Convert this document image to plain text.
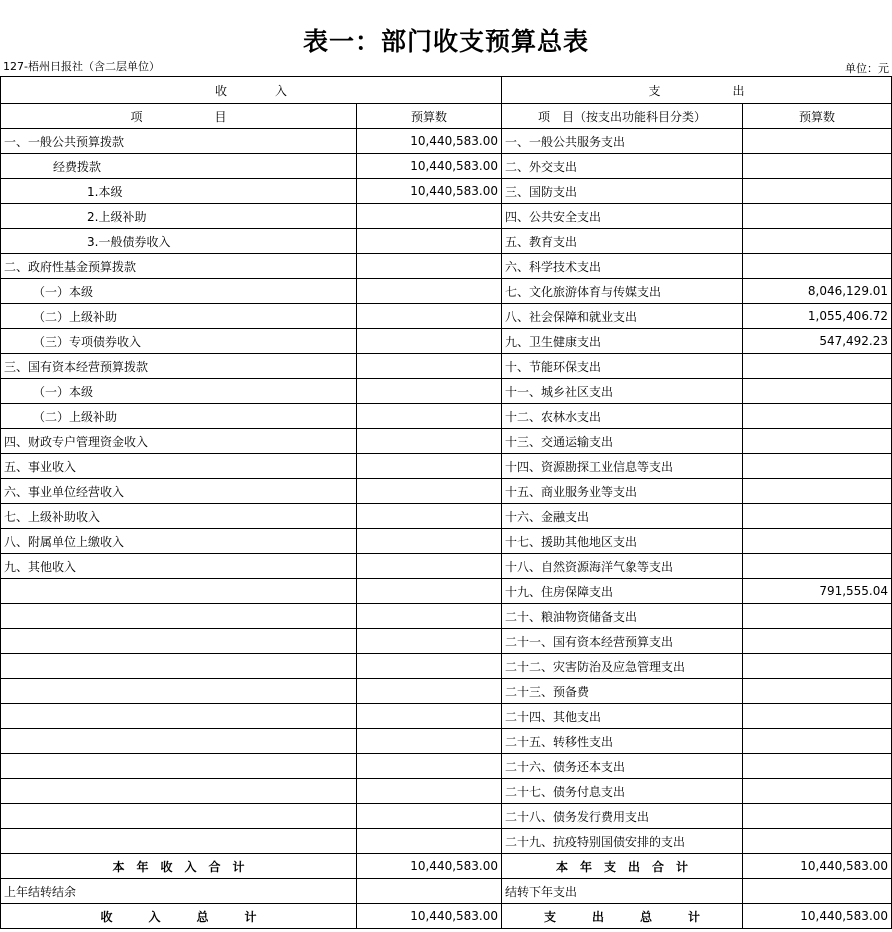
表一：部门收支预算总表
127-梧州日报社（含二层单位）	单位：元
收　　　　入		支　　　　　　出	
项　　　　　　目	预算数	项　目（按支出功能科目分类）	预算数
一、一般公共预算拨款	10,440,583.00	一、一般公共服务支出	
经费拨款	10,440,583.00	二、外交支出	
1.本级	10,440,583.00	三、国防支出	
2.上级补助		四、公共安全支出	
3.一般债券收入		五、教育支出	
二、政府性基金预算拨款		六、科学技术支出	
（一）本级		七、文化旅游体育与传媒支出	8,046,129.01
（二）上级补助		八、社会保障和就业支出	1,055,406.72
（三）专项债券收入		九、卫生健康支出	547,492.23
三、国有资本经营预算拨款		十、节能环保支出	
（一）本级		十一、城乡社区支出	
（二）上级补助		十二、农林水支出	
四、财政专户管理资金收入		十三、交通运输支出	
五、事业收入		十四、资源勘探工业信息等支出	
六、事业单位经营收入		十五、商业服务业等支出	
七、上级补助收入		十六、金融支出	
八、附属单位上缴收入		十七、援助其他地区支出	
九、其他收入		十八、自然资源海洋气象等支出	
		十九、住房保障支出	791,555.04
		二十、粮油物资储备支出	
		二十一、国有资本经营预算支出	
		二十二、灾害防治及应急管理支出	
		二十三、预备费	
		二十四、其他支出	
		二十五、转移性支出	
		二十六、债务还本支出	
		二十七、债务付息支出	
		二十八、债务发行费用支出	
		二十九、抗疫特别国债安排的支出	
本　年　收　入　合　计	10,440,583.00	本　年　支　出　合　计	10,440,583.00
上年结转结余		结转下年支出	
收　　　入　　　总　　　计	10,440,583.00	支　　　出　　　总　　　计	10,440,583.00
